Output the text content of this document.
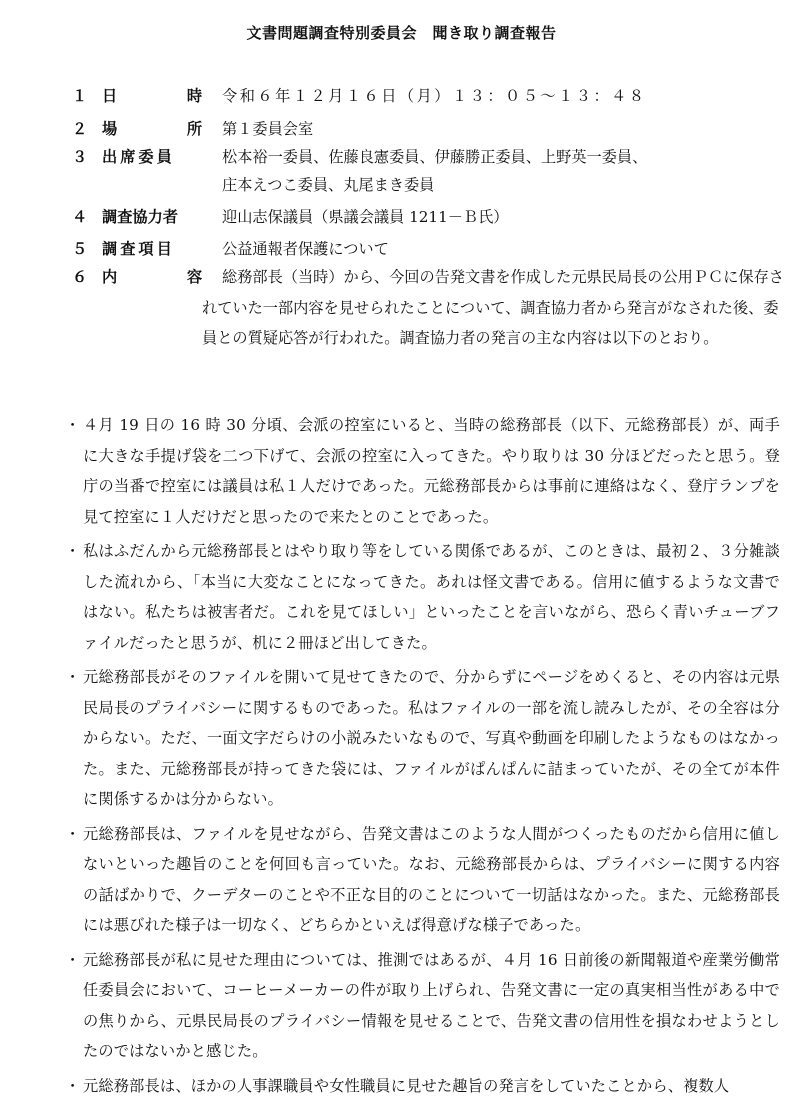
文書問題調査特別委員会　聞き取り調査報告
１ 日	時 令和６年１２月１６日（月）１３：０５～１３：４８
２ 場	所 第１委員会室
３ 出席委員	松本裕一委員、佐藤良憲委員、伊藤勝正委員、上野英一委員、
庄本えつこ委員、丸尾まき委員
４ 調査協力者	迎山志保議員（県議会議員 1211－Ｂ氏）
５ 調査項目	公益通報者保護について
６ 内	容	総務部長（当時）から、今回の告発文書を作成した元県民局長の公用ＰＣに保存されていた一部内容を見せられたことについて、調査協力者から発言がなされた後、委員との質疑応答が行われた。調査協力者の発言の主な内容は以下のとおり。
・ ４月 19 日の 16 時 30 分頃、会派の控室にいると、当時の総務部長（以下、元総務部長）が、両手に大きな手提げ袋を二つ下げて、会派の控室に入ってきた。やり取りは 30 分ほどだったと思う。登庁の当番で控室には議員は私１人だけであった。元総務部長からは事前に連絡はなく、登庁ランプを見て控室に１人だけだと思ったので来たとのことであった。
・ 私はふだんから元総務部長とはやり取り等をしている関係であるが、このときは、最初２、３分雑談した流れから、「本当に大変なことになってきた。あれは怪文書である。信用に値するような文書ではない。私たちは被害者だ。これを見てほしい」といったことを言いながら、恐らく青いチューブファイルだったと思うが、机に２冊ほど出してきた。
・ 元総務部長がそのファイルを開いて見せてきたので、分からずにページをめくると、その内容は元県民局長のプライバシーに関するものであった。私はファイルの一部を流し読みしたが、その全容は分からない。ただ、一面文字だらけの小説みたいなもので、写真や動画を印刷したようなものはなかった。また、元総務部長が持ってきた袋には、ファイルがぱんぱんに詰まっていたが、その全てが本件に関係するかは分からない。
・ 元総務部長は、ファイルを見せながら、告発文書はこのような人間がつくったものだから信用に値しないといった趣旨のことを何回も言っていた。なお、元総務部長からは、プライバシーに関する内容の話ばかりで、クーデターのことや不正な目的のことについて一切話はなかった。また、元総務部長には悪びれた様子は一切なく、どちらかといえば得意げな様子であった。
・ 元総務部長が私に見せた理由については、推測ではあるが、４月 16 日前後の新聞報道や産業労働常任委員会において、コーヒーメーカーの件が取り上げられ、告発文書に一定の真実相当性がある中での焦りから、元県民局長のプライバシー情報を見せることで、告発文書の信用性を損なわせようとしたのではないかと感じた。
・ 元総務部長は、ほかの人事課職員や女性職員に見せた趣旨の発言をしていたことから、複数人
